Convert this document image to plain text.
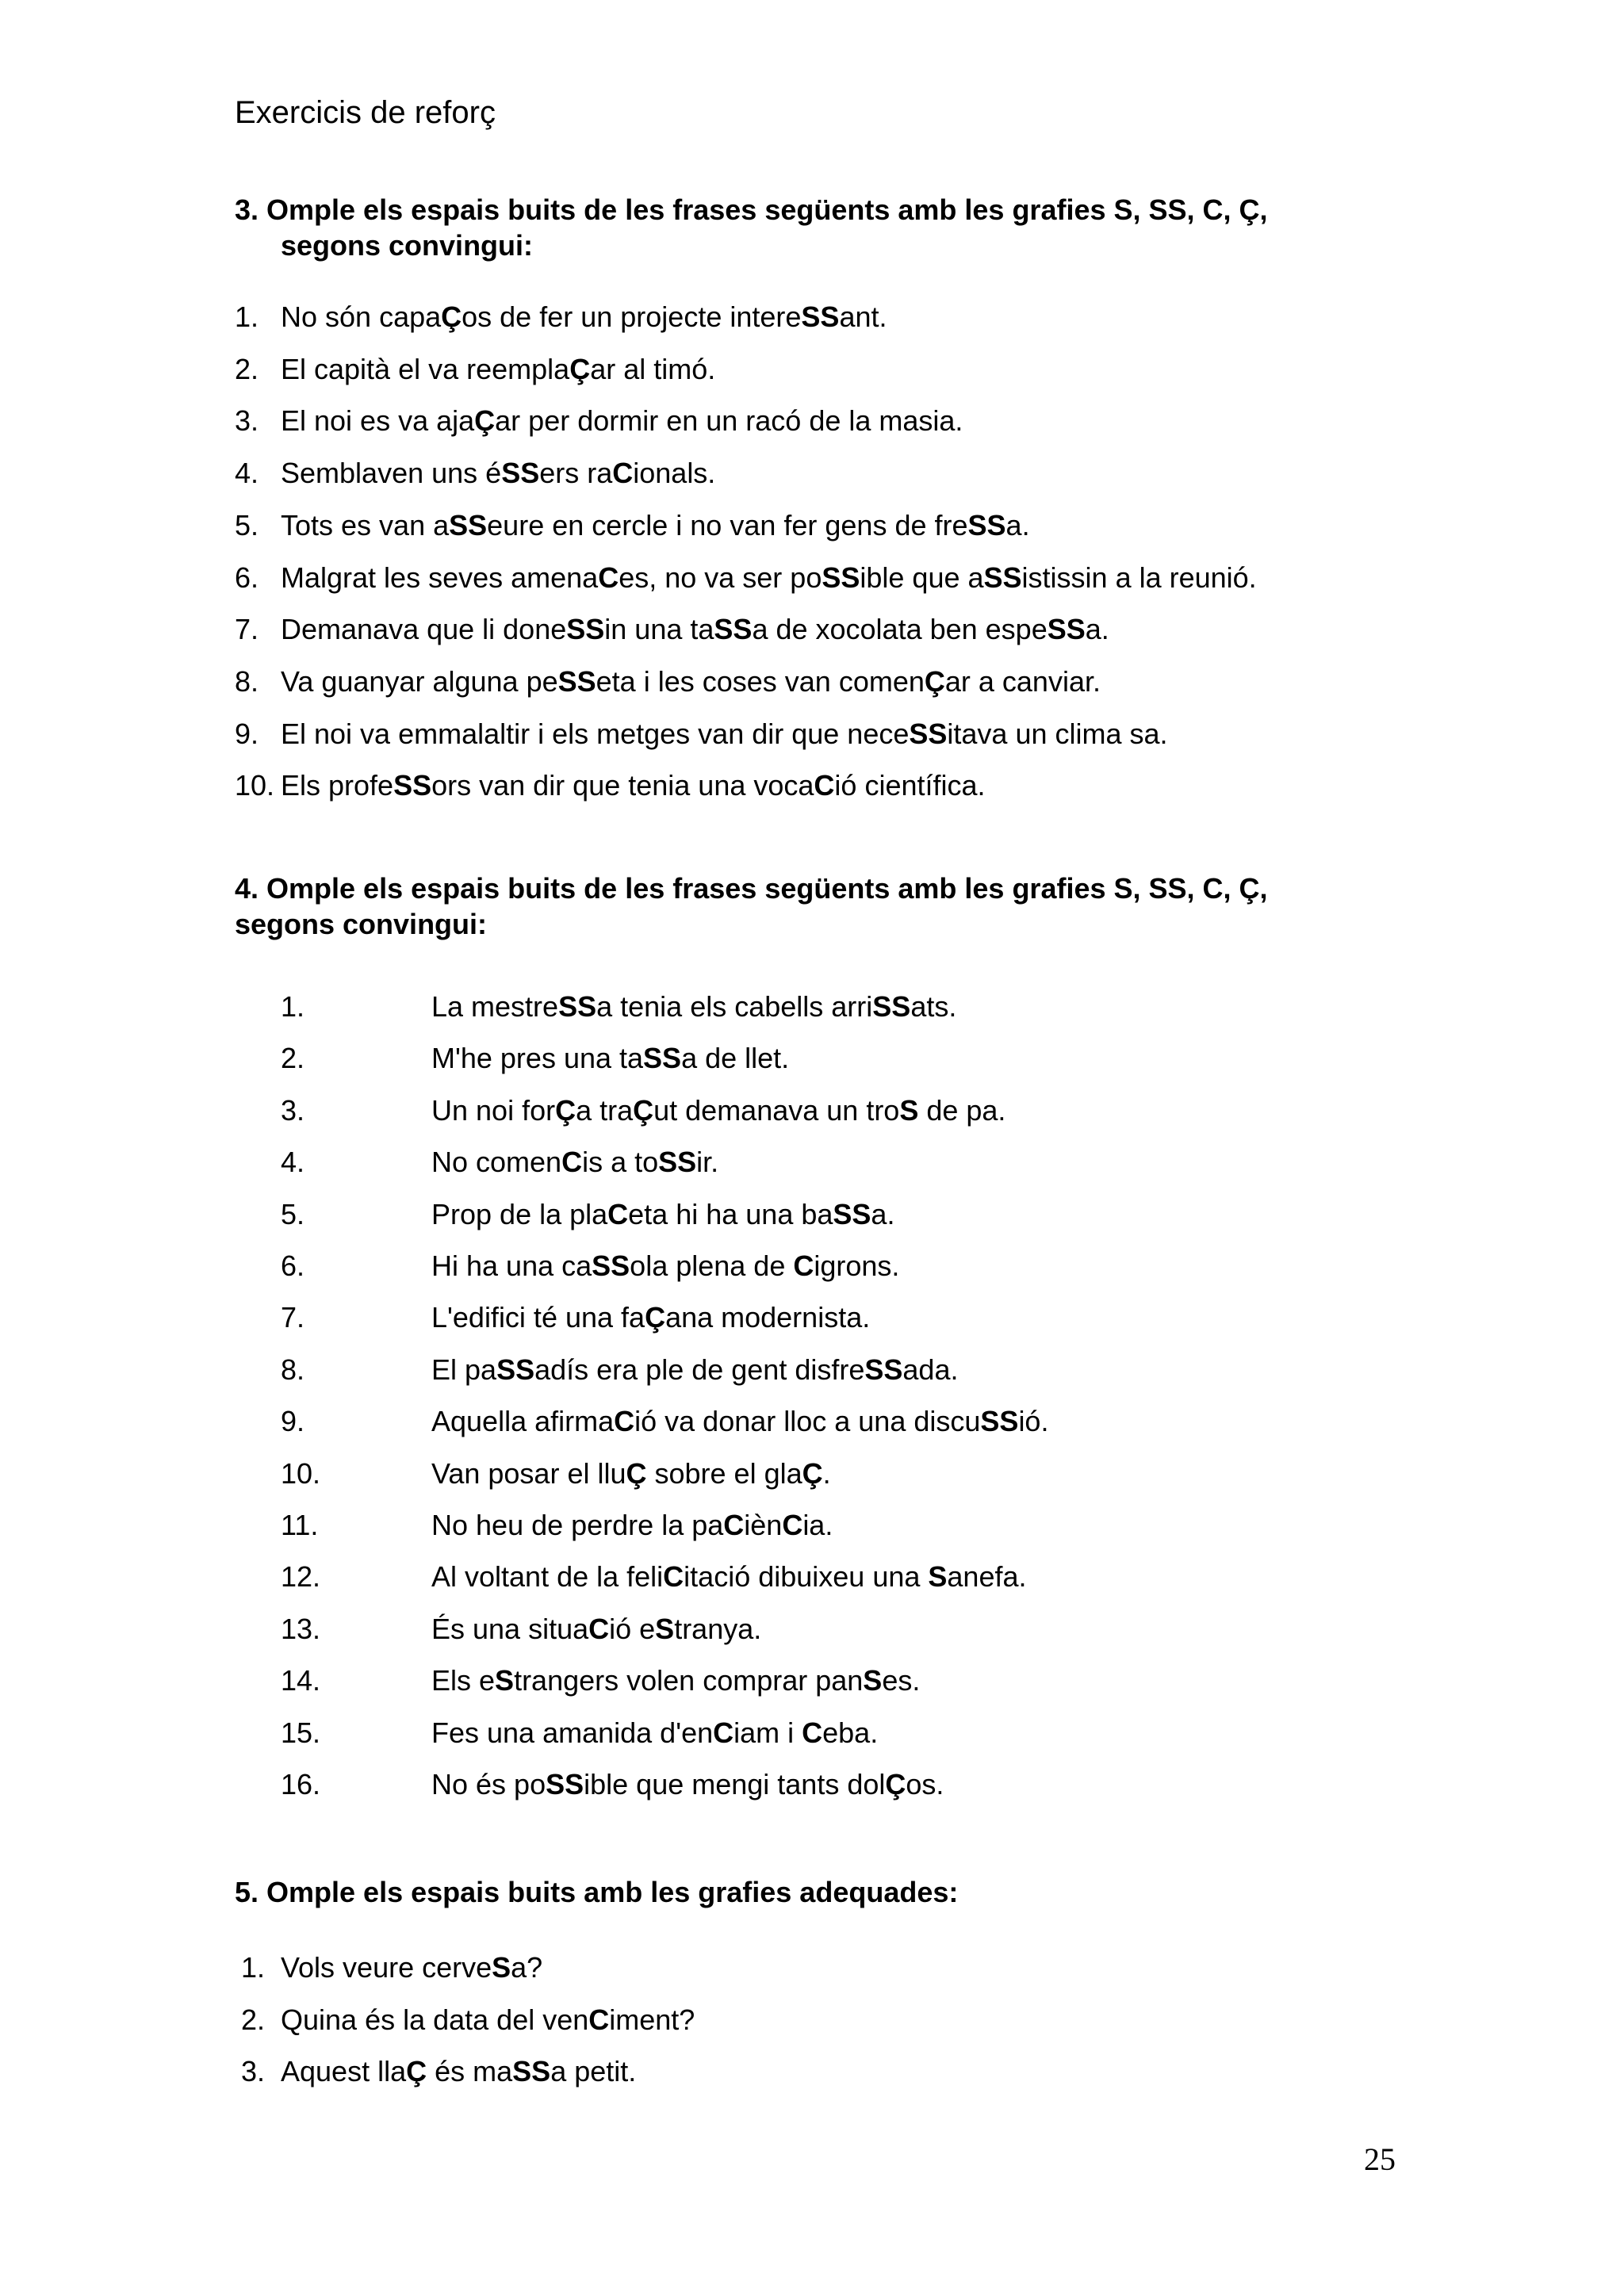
Exercicis de reforç
3. Omple els espais buits de les frases següents amb les grafies S, SS, C, Ç,
segons convingui:
1. No són capaÇos de fer un projecte intereSSant.
2. El capità el va reemplaÇar al timó.
3. El noi es va ajaÇar per dormir en un racó de la masia.
4. Semblaven uns éSSers raCionals.
5. Tots es van aSSeure en cercle i no van fer gens de freSSa.
6. Malgrat les seves amenaCes, no va ser poSSible que aSSistissin a la reunió.
7. Demanava que li doneSSin una taSSa de xocolata ben espeSSa.
8. Va guanyar alguna peSSeta i les coses van comenÇar a canviar.
9. El noi va emmalaltir i els metges van dir que neceSSitava un clima sa.
10. Els profeSSors van dir que tenia una vocaCió científica.
4. Omple els espais buits de les frases següents amb les grafies S, SS, C, Ç,
segons convingui:
1.	La mestreSSa tenia els cabells arriSSats.
2.	M'he pres una taSSa de llet.
3.	Un noi forÇa traÇut demanava un troS de pa.
4.	No comenCis a toSSir.
5.	Prop de la plaCeta hi ha una baSSa.
6.	Hi ha una caSSola plena de Cigrons.
7.	L'edifici té una faÇana modernista.
8.	El paSSadís era ple de gent disfreSSada.
9.	Aquella afirmaCió va donar lloc a una discuSSió.
10.	Van posar el lluÇ sobre el glaÇ.
11.	No heu de perdre la paCiènCia.
12.	Al voltant de la feliCitació dibuixeu una Sanefa.
13.	És una situaCió eStranya.
14.	Els eStrangers volen comprar panSes.
15.	Fes una amanida d'enCiam i Ceba.
16.	No és poSSible que mengi tants dolÇos.
5. Omple els espais buits amb les grafies adequades:
1. Vols veure cerveSa?
2. Quina és la data del venCiment?
3. Aquest llaÇ és maSSa petit.
25
